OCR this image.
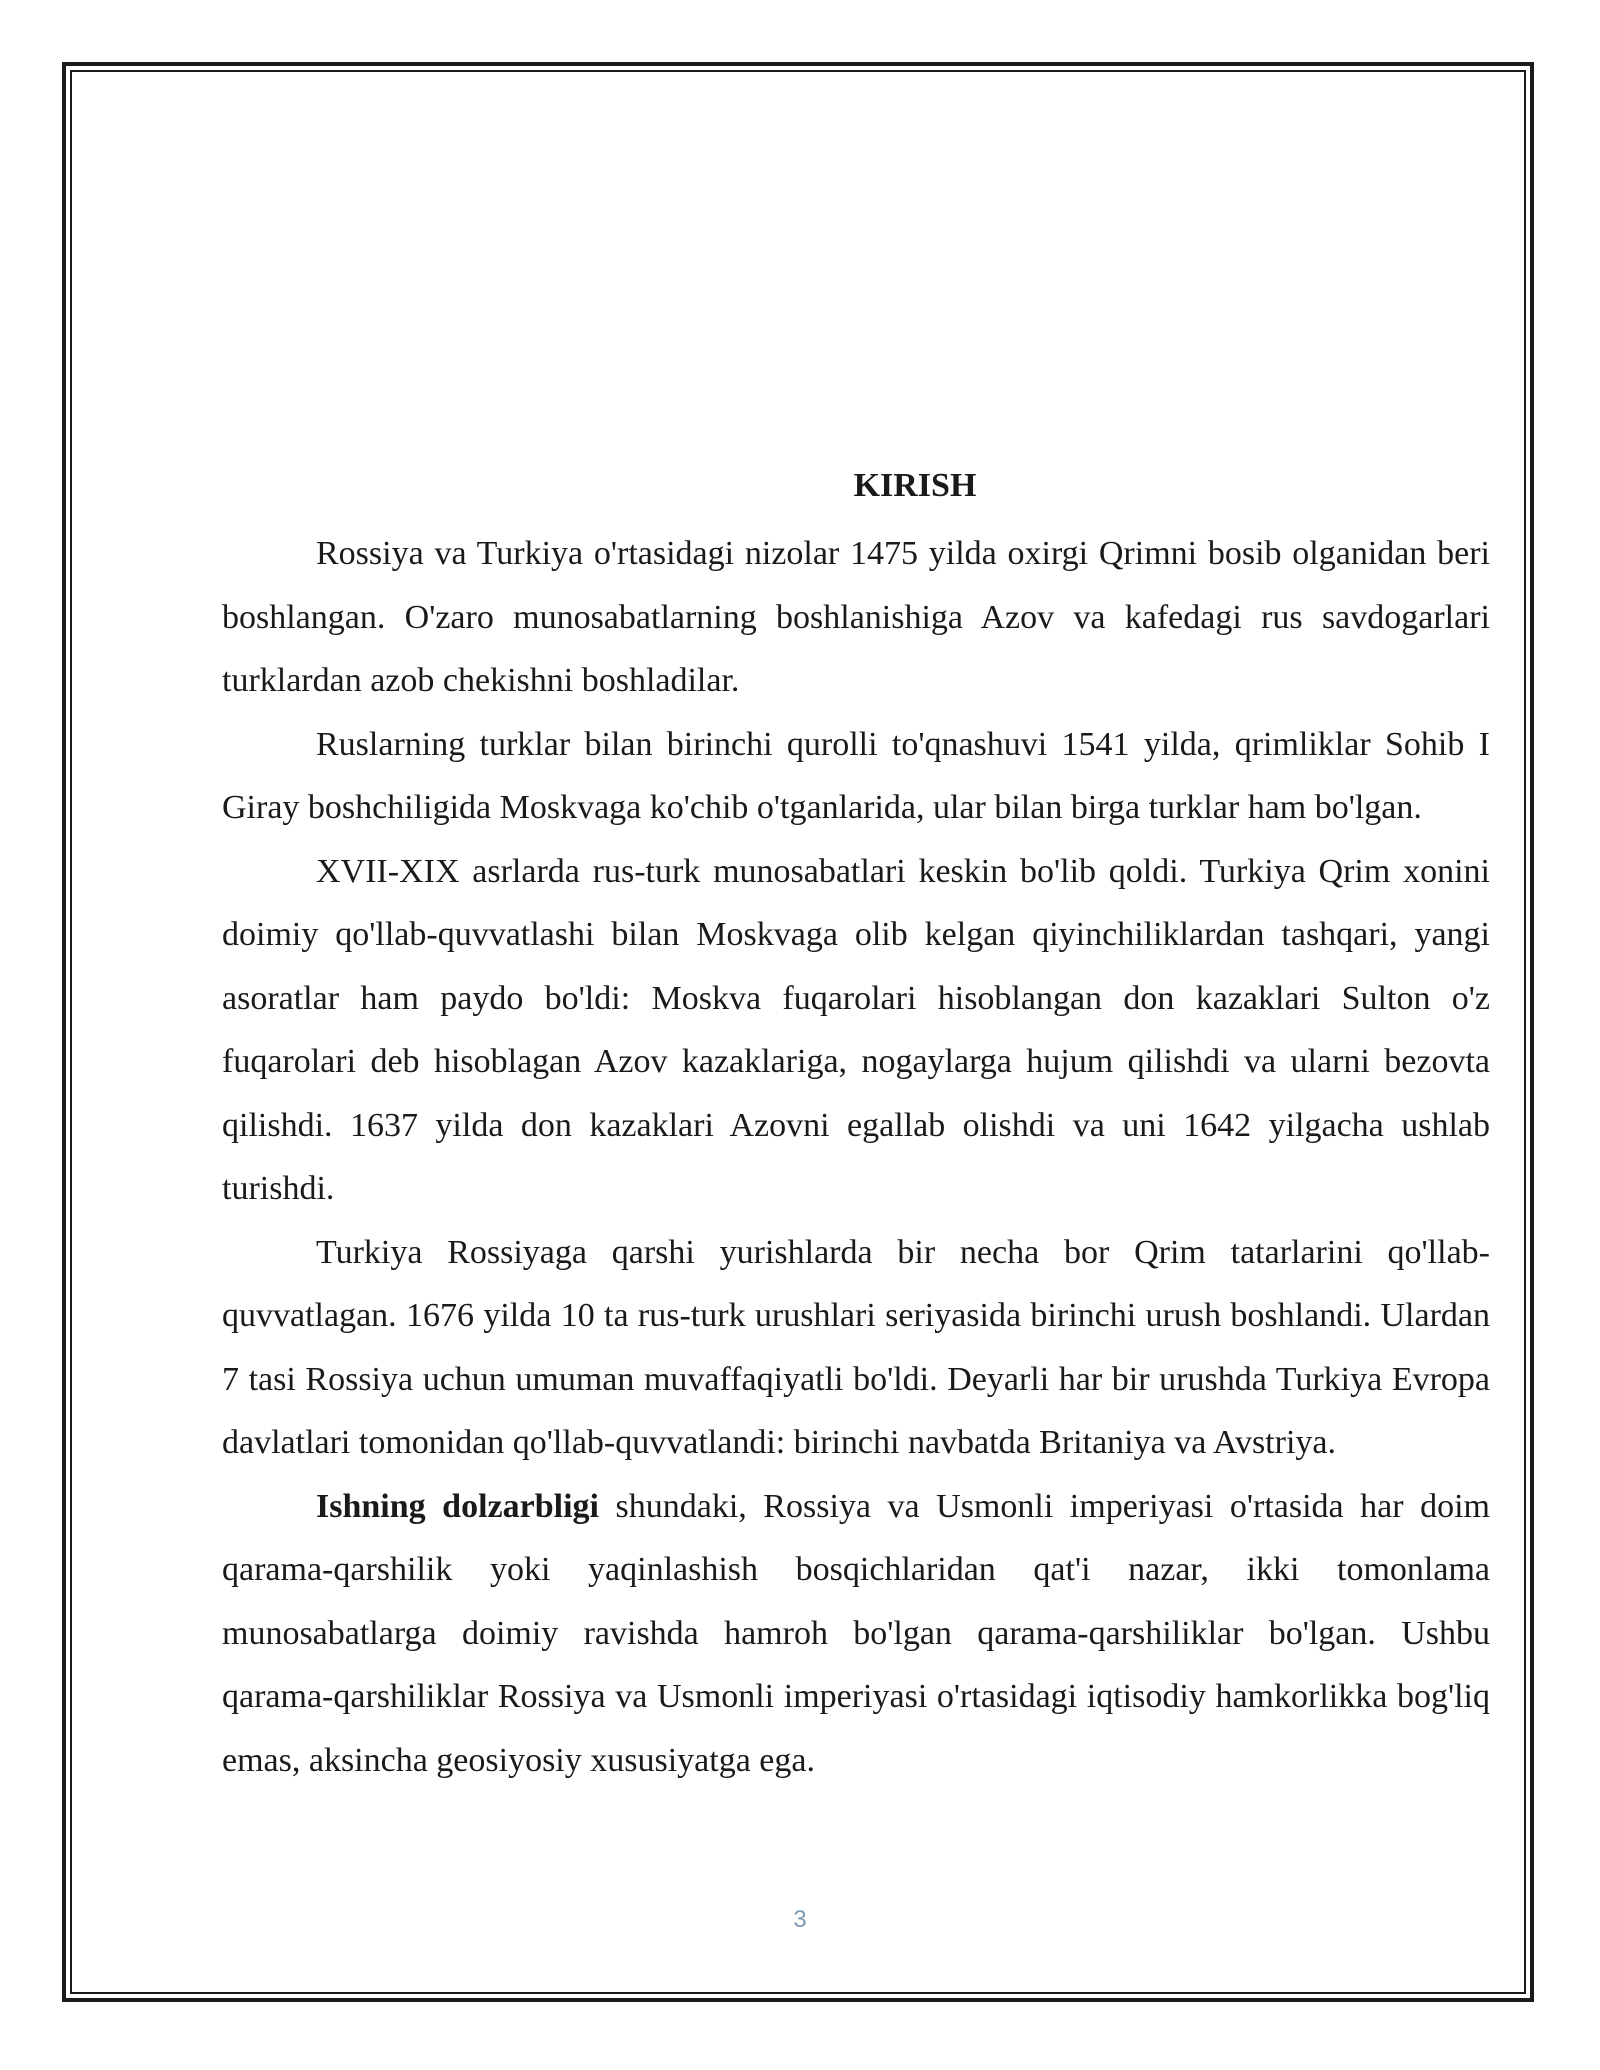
KIRISH

Rossiya va Turkiya o'rtasidagi nizolar 1475 yilda oxirgi Qrimni bosib olganidan beri boshlangan. O'zaro munosabatlarning boshlanishiga Azov va kafedagi rus savdogarlari turklardan azob chekishni boshladilar.

Ruslarning turklar bilan birinchi qurolli to'qnashuvi 1541 yilda, qrimliklar Sohib I Giray boshchiligida Moskvaga ko'chib o'tganlarida, ular bilan birga turklar ham bo'lgan.

XVII-XIX asrlarda rus-turk munosabatlari keskin bo'lib qoldi. Turkiya Qrim xonini doimiy qo'llab-quvvatlashi bilan Moskvaga olib kelgan qiyinchiliklardan tashqari, yangi asoratlar ham paydo bo'ldi: Moskva fuqarolari hisoblangan don kazaklari Sulton o'z fuqarolari deb hisoblagan Azov kazaklariga, nogaylarga hujum qilishdi va ularni bezovta qilishdi. 1637 yilda don kazaklari Azovni egallab olishdi va uni 1642 yilgacha ushlab turishdi.

Turkiya Rossiyaga qarshi yurishlarda bir necha bor Qrim tatarlarini qo'llab-quvvatlagan. 1676 yilda 10 ta rus-turk urushlari seriyasida birinchi urush boshlandi. Ulardan 7 tasi Rossiya uchun umuman muvaffaqiyatli bo'ldi. Deyarli har bir urushda Turkiya Evropa davlatlari tomonidan qo'llab-quvvatlandi: birinchi navbatda Britaniya va Avstriya.

Ishning dolzarbligi shundaki, Rossiya va Usmonli imperiyasi o'rtasida har doim qarama-qarshilik yoki yaqinlashish bosqichlaridan qat'i nazar, ikki tomonlama munosabatlarga doimiy ravishda hamroh bo'lgan qarama-qarshiliklar bo'lgan. Ushbu qarama-qarshiliklar Rossiya va Usmonli imperiyasi o'rtasidagi iqtisodiy hamkorlikka bog'liq emas, aksincha geosiyosiy xususiyatga ega.

3
